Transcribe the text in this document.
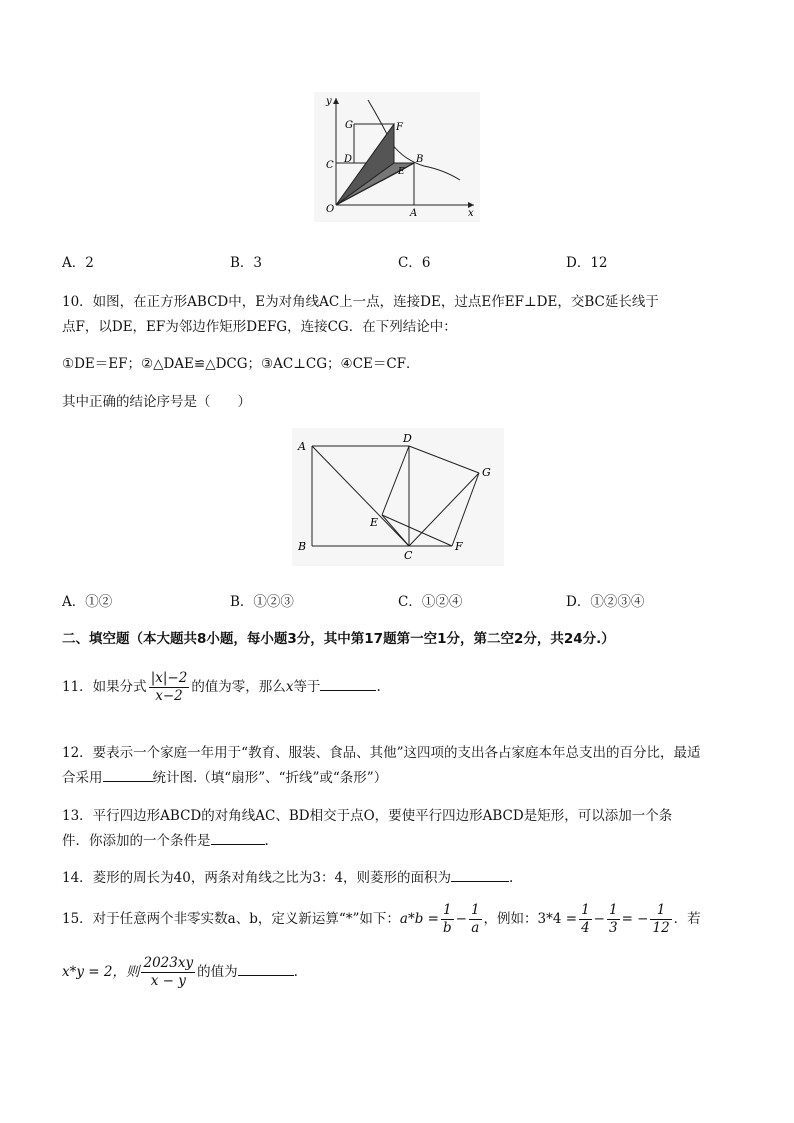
y
x
G	F
C
D	B
E
O	A
A．2	B．3	C．6	D．12
10．如图，在正方形ABCD中，E为对角线AC上一点，连接DE，过点E作EF⊥DE，交BC延长线于
点F，以DE，EF为邻边作矩形DEFG，连接CG．在下列结论中：
①DE＝EF；②△DAE≌△DCG；③AC⊥CG；④CE＝CF．
其中正确的结论序号是（　　）
A
D
G
E
B
C
F
A．①②	B．①②③	C．①②④	D．①②③④
二、填空题（本大题共8小题，每小题3分，其中第17题第一空1分，第二空2分，共24分.）
11．如果分式 $\frac{|x|-2}{x-2}$ 的值为零，那么x等于	.
12．要表示一个家庭一年用于“教育、服装、食品、其他”这四项的支出各占家庭本年总支出的百分比，最适
合采用	统计图.（填“扇形”、“折线”或“条形”）
13．平行四边形ABCD的对角线AC、BD相交于点O，要使平行四边形ABCD是矩形，可以添加一个条
件．你添加的一个条件是	.
14．菱形的周长为40，两条对角线之比为3：4，则菱形的面积为	.
15．对于任意两个非零实数a、b，定义新运算“*”如下：$a*b = \frac{1}{b} - \frac{1}{a}$ ，例如：$3*4 = \frac{1}{4} - \frac{1}{3}$ = − $\frac{1}{12}$ ．若
x*y = 2，则 $\frac{2023xy}{x - y}$ 的值为	.
